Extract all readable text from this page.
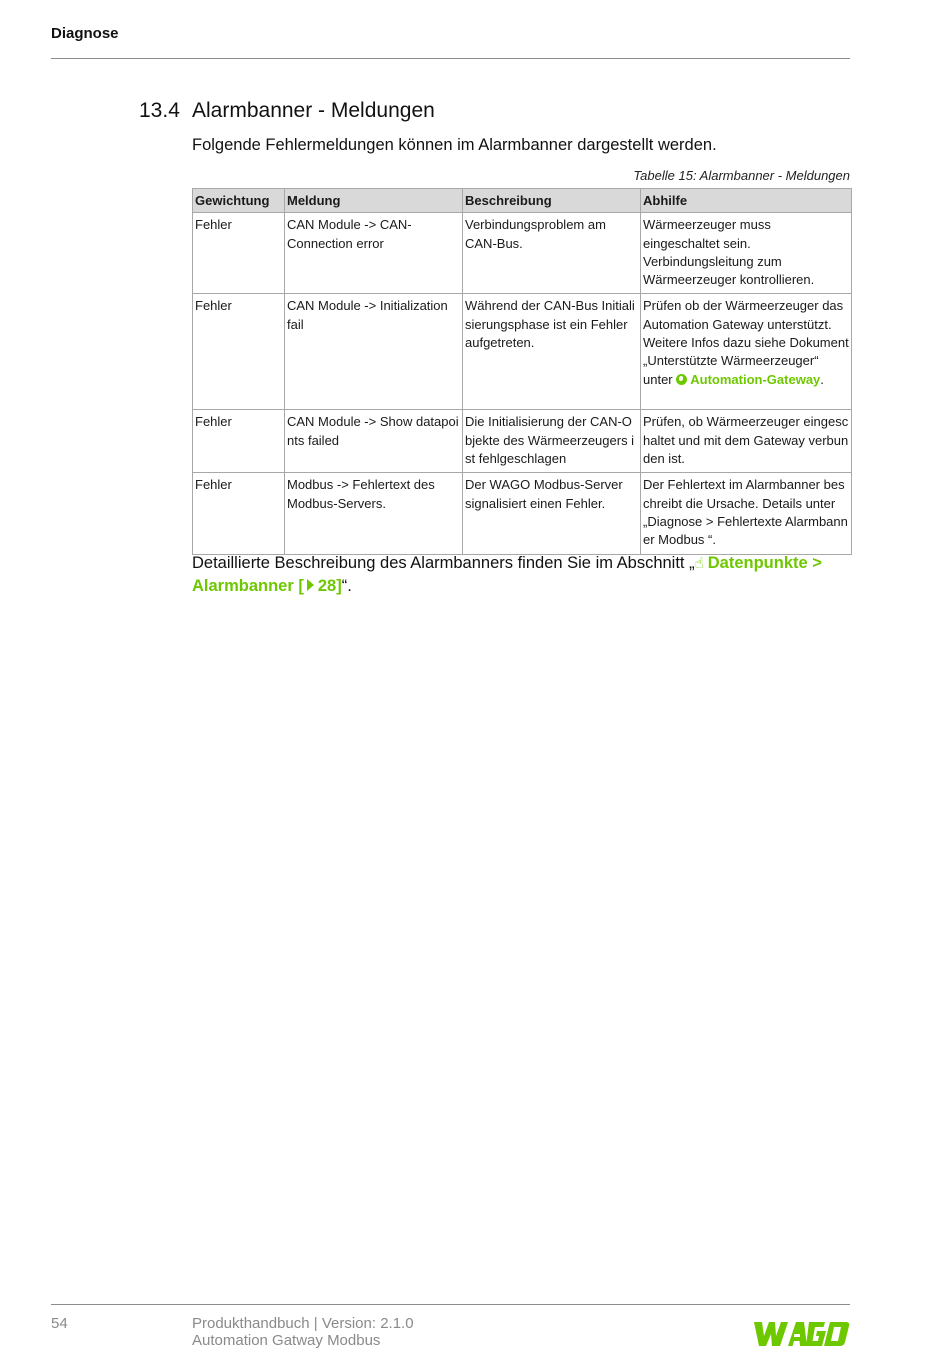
Diagnose
13.4 Alarmbanner - Meldungen
Folgende Fehlermeldungen können im Alarmbanner dargestellt werden.
Tabelle 15: Alarmbanner - Meldungen
Gewichtung	Meldung	Beschreibung	Abhilfe
Fehler	CAN Module -> CAN-Connection error	Verbindungsproblem am CAN-Bus.	Wärmeerzeuger muss eingeschaltet sein. Verbindungsleitung zum Wärmeerzeuger kontrollieren.
Fehler	CAN Module -> Initialization fail	Während der CAN-Bus Initialisierungsphase ist ein Fehler aufgetreten.	Prüfen ob der Wärmeerzeuger das Automation Gateway unterstützt. Weitere Infos dazu siehe Dokument „Unterstützte Wärmeerzeuger“ unter Automation-Gateway.
Fehler	CAN Module -> Show datapoints failed	Die Initialisierung der CAN-Objekte des Wärmeerzeugers ist fehlgeschlagen	Prüfen, ob Wärmeerzeuger eingeschaltet und mit dem Gateway verbunden ist.
Fehler	Modbus -> Fehlertext des Modbus-Servers.	Der WAGO Modbus-Server signalisiert einen Fehler.	Der Fehlertext im Alarmbanner beschreibt die Ursache. Details unter „Diagnose > Fehlertexte Alarmbanner Modbus “.
Detaillierte Beschreibung des Alarmbanners finden Sie im Abschnitt „☝ Datenpunkte > Alarmbanner [ 28]“.
54	Produkthandbuch | Version: 2.1.0
Automation Gatway Modbus
